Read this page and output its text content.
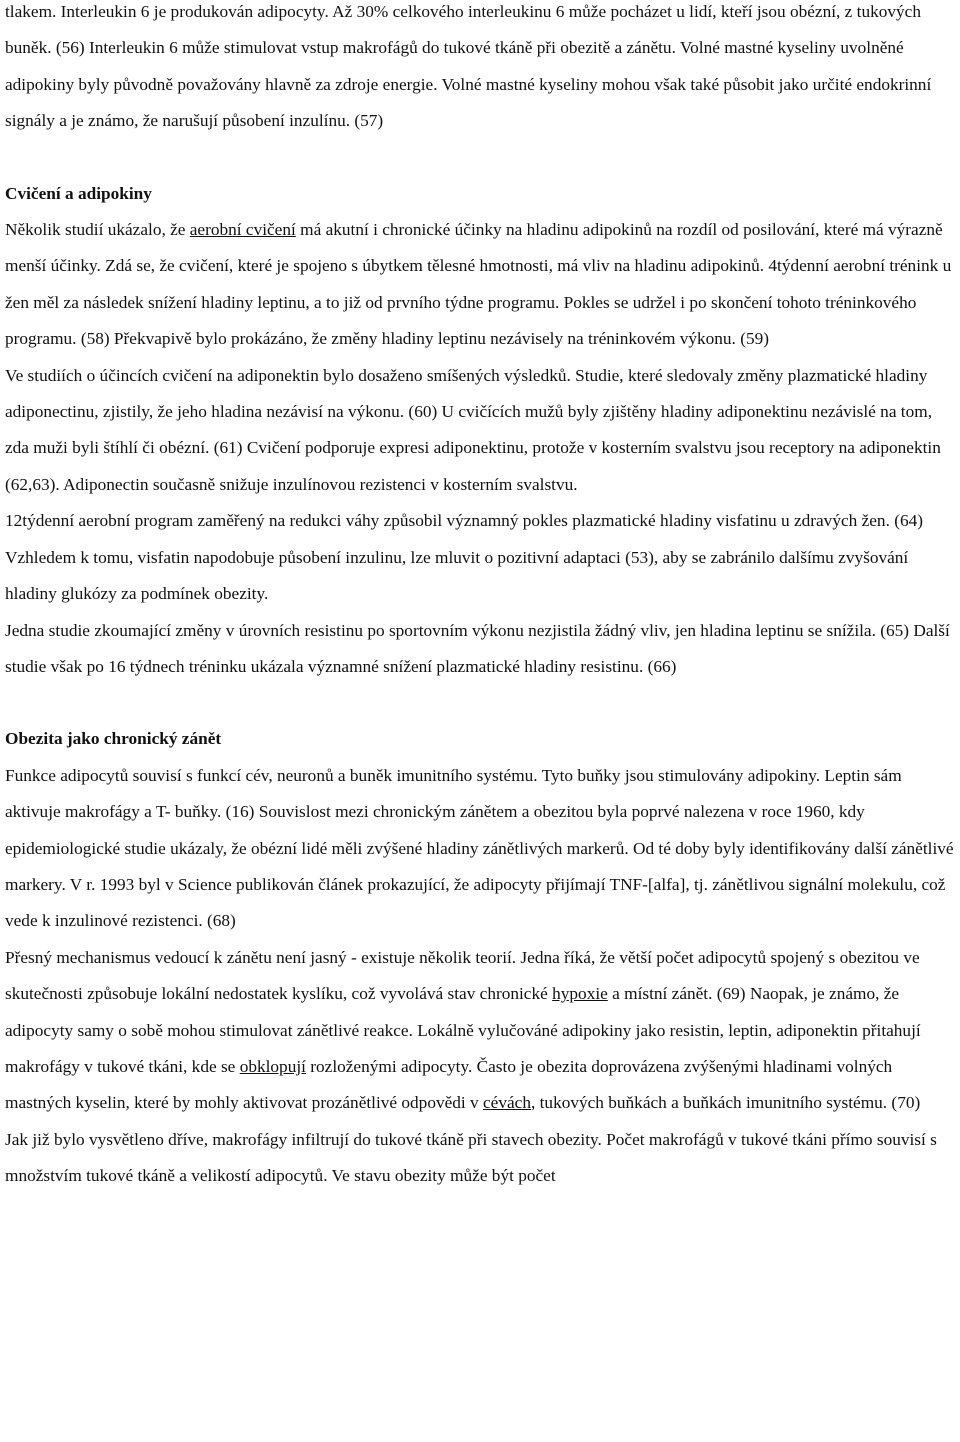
tlakem. Interleukin 6 je produkován adipocyty. Až 30% celkového interleukinu 6 může pocházet u lidí, kteří jsou obézní, z tukových buněk. (56) Interleukin 6 může stimulovat vstup makrofágů do tukové tkáně při obezitě a zánětu. Volné mastné kyseliny uvolněné adipokiny byly původně považovány hlavně za zdroje energie. Volné mastné kyseliny mohou však také působit jako určité endokrinní signály a je známo, že narušují působení inzulínu. (57)

Cvičení a adipokiny

Několik studií ukázalo, že aerobní cvičení má akutní i chronické účinky na hladinu adipokinů na rozdíl od posilování, které má výrazně menší účinky. Zdá se, že cvičení, které je spojeno s úbytkem tělesné hmotnosti, má vliv na hladinu adipokinů. 4týdenní aerobní trénink u žen měl za následek snížení hladiny leptinu, a to již od prvního týdne programu. Pokles se udržel i po skončení tohoto tréninkového programu. (58) Překvapivě bylo prokázáno, že změny hladiny leptinu nezávisely na tréninkovém výkonu. (59)

Ve studiích o účincích cvičení na adiponektin bylo dosaženo smíšených výsledků. Studie, které sledovaly změny plazmatické hladiny adiponectinu, zjistily, že jeho hladina nezávisí na výkonu. (60) U cvičících mužů byly zjištěny hladiny adiponektinu nezávislé na tom, zda muži byli štíhlí či obézní. (61) Cvičení podporuje expresi adiponektinu, protože v kosterním svalstvu jsou receptory na adiponektin (62,63). Adiponectin současně snižuje inzulínovou rezistenci v kosterním svalstvu.

12týdenní aerobní program zaměřený na redukci váhy způsobil významný pokles plazmatické hladiny visfatinu u zdravých žen. (64) Vzhledem k tomu, visfatin napodobuje působení inzulinu, lze mluvit o pozitivní adaptaci (53), aby se zabránilo dalšímu zvyšování hladiny glukózy za podmínek obezity.

Jedna studie zkoumající změny v úrovních resistinu po sportovním výkonu nezjistila žádný vliv, jen hladina leptinu se snížila. (65) Další studie však po 16 týdnech tréninku ukázala významné snížení plazmatické hladiny resistinu. (66)

Obezita jako chronický zánět

Funkce adipocytů souvisí s funkcí cév, neuronů a buněk imunitního systému. Tyto buňky jsou stimulovány adipokiny. Leptin sám aktivuje makrofágy a T- buňky. (16) Souvislost mezi chronickým zánětem a obezitou byla poprvé nalezena v roce 1960, kdy epidemiologické studie ukázaly, že obézní lidé měli zvýšené hladiny zánětlivých markerů. Od té doby byly identifikovány další zánětlivé markery. V r. 1993 byl v Science publikován článek prokazující, že adipocyty přijímají TNF-[alfa], tj. zánětlivou signální molekulu, což vede k inzulinové rezistenci. (68)

Přesný mechanismus vedoucí k zánětu není jasný - existuje několik teorií. Jedna říká, že větší počet adipocytů spojený s obezitou ve skutečnosti způsobuje lokální nedostatek kyslíku, což vyvolává stav chronické hypoxie a místní zánět. (69) Naopak, je známo, že adipocyty samy o sobě mohou stimulovat zánětlivé reakce. Lokálně vylučováné adipokiny jako resistin, leptin, adiponektin přitahují makrofágy v tukové tkáni, kde se obklopují rozloženými adipocyty. Často je obezita doprovázena zvýšenými hladinami volných mastných kyselin, které by mohly aktivovat prozánětlivé odpovědi v cévách, tukových buňkách a buňkách imunitního systému. (70)

Jak již bylo vysvětleno dříve, makrofágy infiltrují do tukové tkáně při stavech obezity. Počet makrofágů v tukové tkáni přímo souvisí s množstvím tukové tkáně a velikostí adipocytů. Ve stavu obezity může být počet
